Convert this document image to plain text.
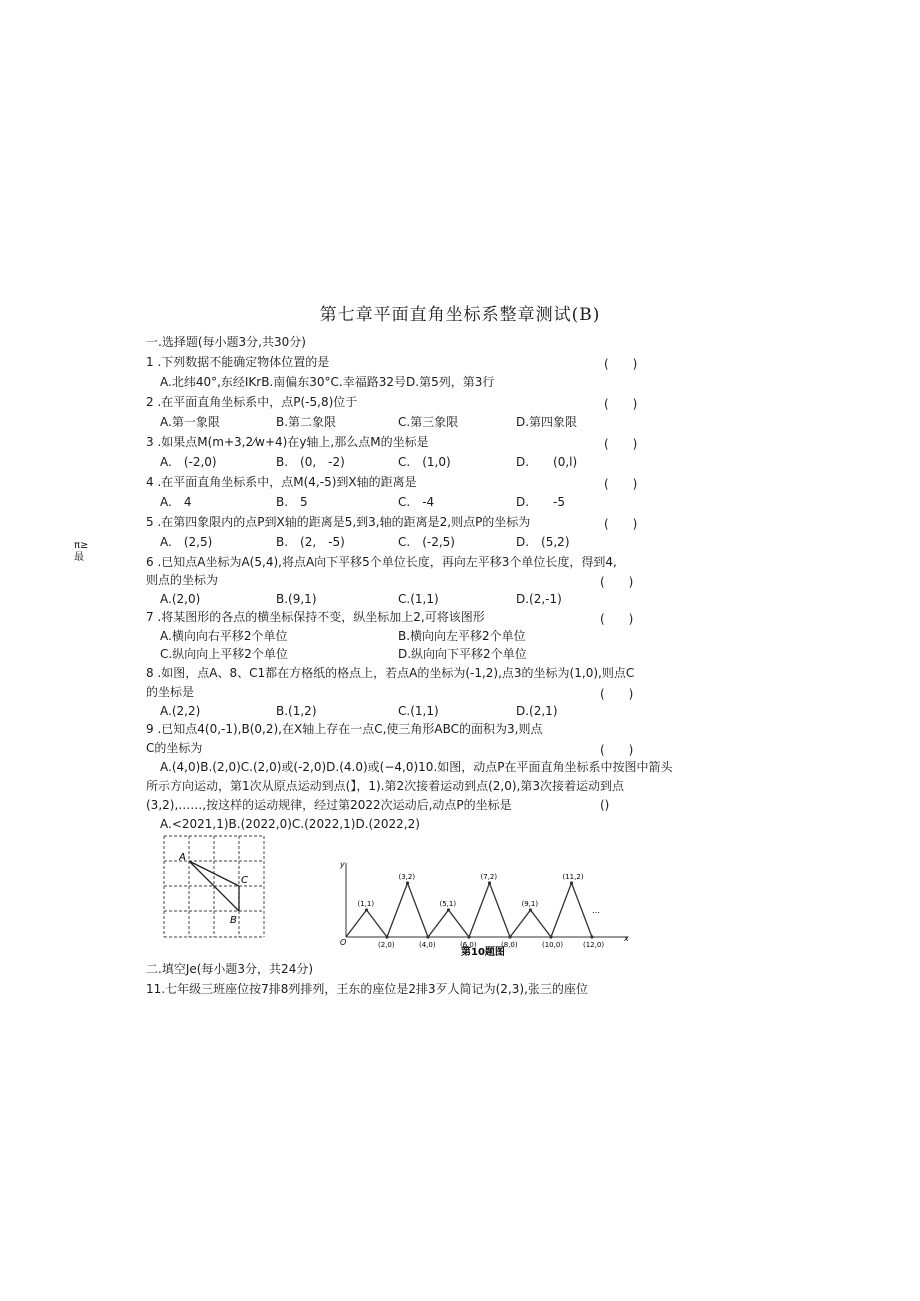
第七章平面直角坐标系整章测试(B)
π≥
最
一.选择题(每小题3分,共30分)
1 .下列数据不能确定物体位置的是	(　　)
A.北纬40°,东经IKrB.南偏东30°C.幸福路32号D.第5列，第3行
2 .在平面直角坐标系中，点P(-5,8)位于	(　　)
A.第一象限	B.第二象限	C.第三象限	D.第四象限
3 .如果点M(m+3,2⁄w+4)在y轴上,那么点M的坐标是	(　　)
A.　(-2,0)	B.　(0,　-2)	C.　(1,0)	D.　　(0,l)
4 .在平面直角坐标系中，点M(4,-5)到X轴的距离是	(　　)
A.　4	B.　5	C.　-4	D.　　-5
5 .在第四象限内的点P到X轴的距离是5,到3,轴的距离是2,则点P的坐标为	(　　)
A.　(2,5)	B.　(2,　-5)	C.　(-2,5)	D.　(5,2)
6 .已知点A坐标为A(5,4),将点A向下平移5个单位长度，再向左平移3个单位长度，得到4,
则点的坐标为	(　　)
A.(2,0)	B.(9,1)	C.(1,1)	D.(2,-1)
7 .将某图形的各点的横坐标保持不变，纵坐标加上2,可将该图形	(　　)
A.横向向右平移2个单位	B.横向向左平移2个单位
C.纵向向上平移2个单位	D.纵向向下平移2个单位
8 .如图，点A、8、C1都在方格纸的格点上，若点A的坐标为(-1,2),点3的坐标为(1,0),则点C
的坐标是	(　　)
A.(2,2)	B.(1,2)	C.(1,1)	D.(2,1)
9 .已知点4(0,-1),B(0,2),在X轴上存在一点C,使三角形ABC的面积为3,则点
C的坐标为	(　　)
A.(4,0)B.(2,0)C.(2,0)或(-2,0)D.(4.0)或(−4,0)10.如图，动点P在平面直角坐标系中按图中箭头
所示方向运动，第1次从原点运动到点(】，1).第2次接着运动到点(2,0),第3次接着运动到点
(3,2),……,按这样的运动规律，经过第2022次运动后,动点P的坐标是	()
A.<2021,1)B.(2022,0)C.(2022,1)D.(2022,2)
A
C
B
y
x
O
…
(1,1)
(2,0)
(3,2)
(4,0)
(5,1)
(6,0)
(7,2)
(8,0)
(9,1)
(10,0)
(11,2)
(12,0)
第10题图
二.填空Je(每小题3分，共24分)
11.七年级三班座位按7排8列排列，王东的座位是2排3歹人简记为(2,3),张三的座位
